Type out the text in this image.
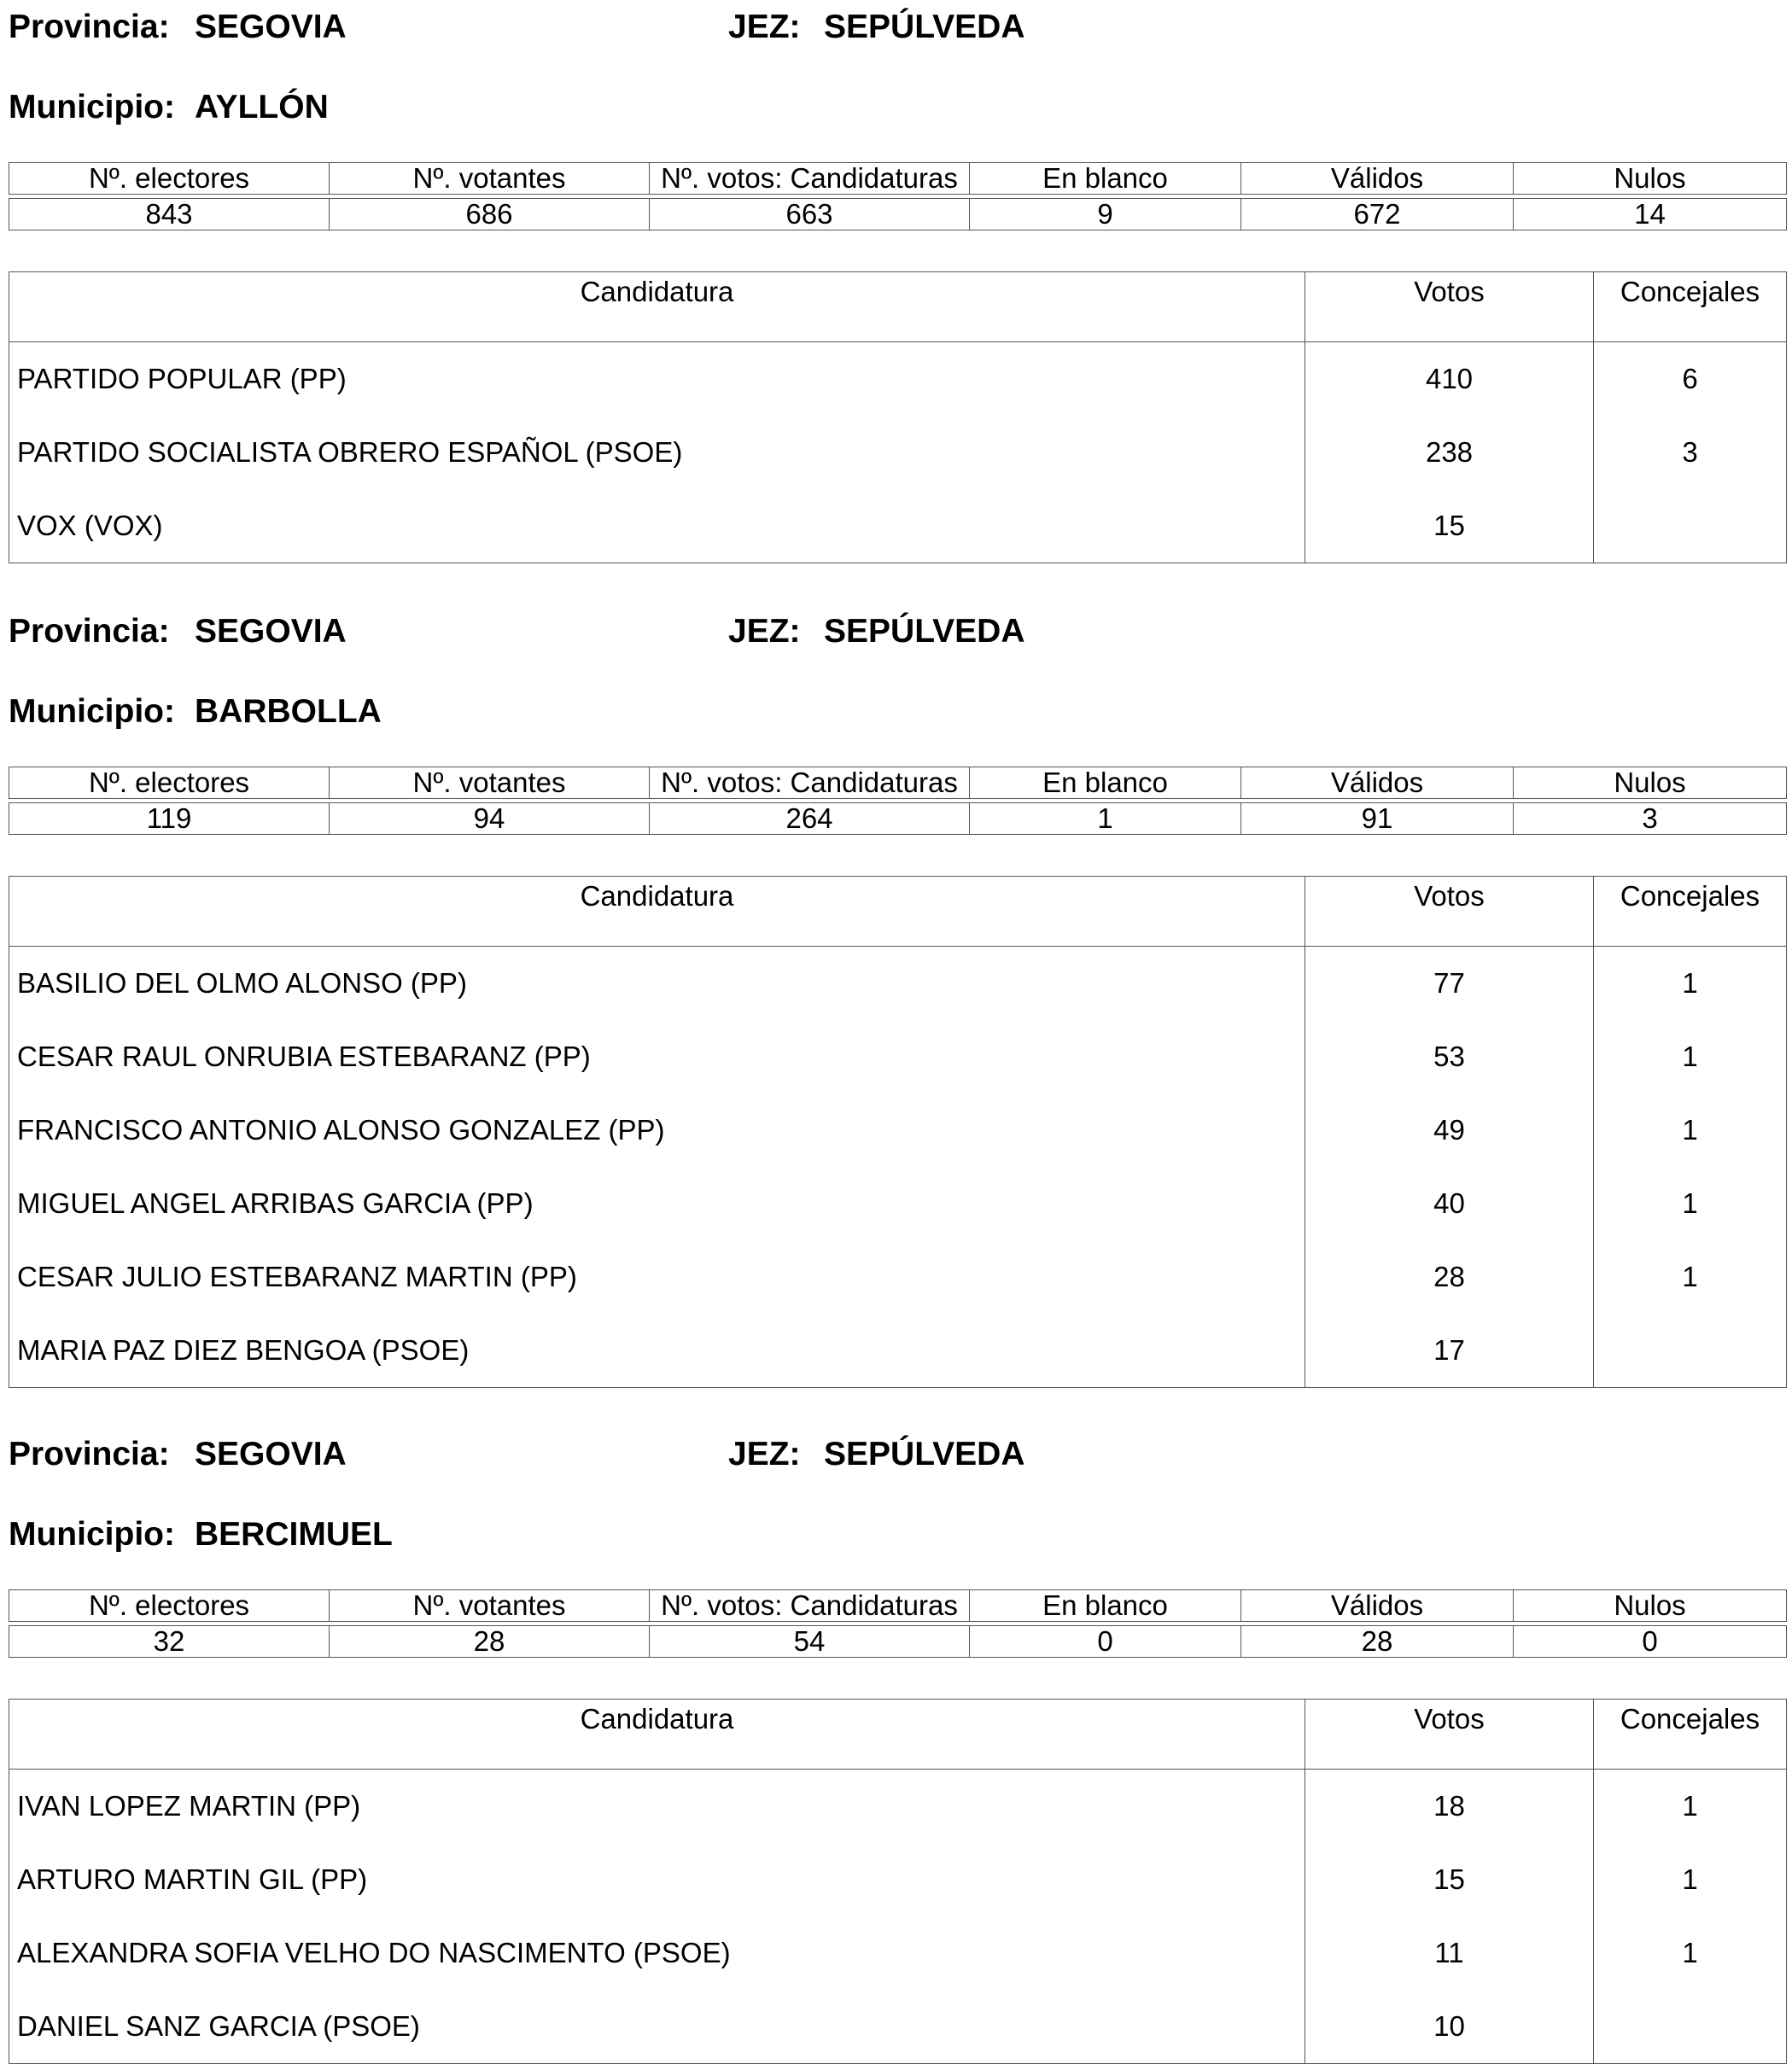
Provincia: SEGOVIA	JEZ: SEPÚLVEDA
Municipio: AYLLÓN
Nº. electores	Nº. votantes	Nº. votos: Candidaturas	En blanco	Válidos	Nulos

843	686	663	9	672	14
Candidatura	Votos	Concejales
PARTIDO POPULAR (PP)	410	6
PARTIDO SOCIALISTA OBRERO ESPAÑOL (PSOE)	238	3
VOX (VOX)	15	
Provincia: SEGOVIA	JEZ: SEPÚLVEDA
Municipio: BARBOLLA
Nº. electores	Nº. votantes	Nº. votos: Candidaturas	En blanco	Válidos	Nulos

119	94	264	1	91	3
Candidatura	Votos	Concejales
BASILIO DEL OLMO ALONSO (PP)	77	1
CESAR RAUL ONRUBIA ESTEBARANZ (PP)	53	1
FRANCISCO ANTONIO ALONSO GONZALEZ (PP)	49	1
MIGUEL ANGEL ARRIBAS GARCIA (PP)	40	1
CESAR JULIO ESTEBARANZ MARTIN (PP)	28	1
MARIA PAZ DIEZ BENGOA (PSOE)	17	
Provincia: SEGOVIA	JEZ: SEPÚLVEDA
Municipio: BERCIMUEL
Nº. electores	Nº. votantes	Nº. votos: Candidaturas	En blanco	Válidos	Nulos

32	28	54	0	28	0
Candidatura	Votos	Concejales
IVAN LOPEZ MARTIN (PP)	18	1
ARTURO MARTIN GIL (PP)	15	1
ALEXANDRA SOFIA VELHO DO NASCIMENTO (PSOE)	11	1
DANIEL SANZ GARCIA (PSOE)	10	
